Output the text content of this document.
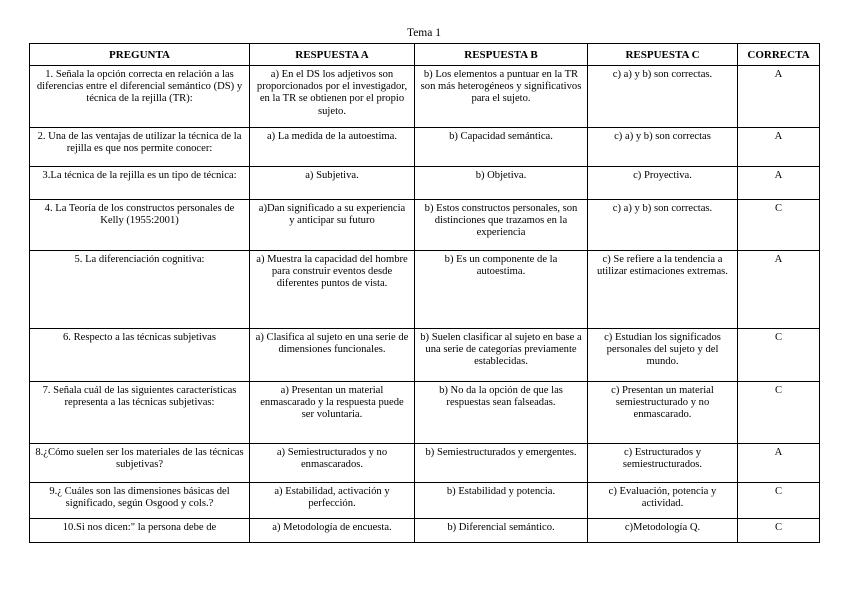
Tema 1
PREGUNTA	RESPUESTA A	RESPUESTA B	RESPUESTA C	CORRECTA
1. Señala la opción correcta en relación a las diferencias entre el diferencial semántico (DS) y técnica de la rejilla (TR):	a) En el DS los adjetivos son proporcionados por el investigador, en la TR se obtienen por el propio sujeto.	b) Los elementos a puntuar en la TR son más heterogéneos y significativos para el sujeto.	c) a) y b) son correctas.	A
2. Una de las ventajas de utilizar la técnica de la rejilla es que nos permite conocer:	a) La medida de la autoestima.	b) Capacidad semántica.	c) a) y b) son correctas	A
3.La técnica de la rejilla es un tipo de técnica:	a) Subjetiva.	b) Objetiva.	c) Proyectiva.	A
4. La Teoría de los constructos personales de Kelly (1955:2001)	a)Dan significado a su experiencia y anticipar su futuro	b) Estos constructos personales, son distinciones que trazamos en la experiencia	c) a) y b) son correctas.	C
5. La diferenciación cognitiva:	a) Muestra la capacidad del hombre para construir eventos desde diferentes puntos de vista.	b) Es un componente de la autoestima.	c) Se refiere a la tendencia a utilizar estimaciones extremas.	A
6. Respecto a las técnicas subjetivas	a) Clasifica al sujeto en una serie de dimensiones funcionales.	b) Suelen clasificar al sujeto en base a una serie de categorías previamente establecidas.	c) Estudian los significados personales del sujeto y del mundo.	C
7. Señala cuál de las siguientes características representa a las técnicas subjetivas:	a) Presentan un material enmascarado y la respuesta puede ser voluntaria.	b) No da la opción de que las respuestas sean falseadas.	c) Presentan un material semiestructurado y no enmascarado.	C
8.¿Cómo suelen ser los materiales de las técnicas subjetivas?	a) Semiestructurados y no enmascarados.	b) Semiestructurados y emergentes.	c) Estructurados y semiestructurados.	A
9.¿ Cuáles son las dimensiones básicas del significado, según Osgood y cols.?	a) Estabilidad, activación y perfección.	b) Estabilidad y potencia.	c) Evaluación, potencia y actividad.	C
10.Si nos dicen:" la persona debe de	a) Metodología de encuesta.	b) Diferencial semántico.	c)Metodología Q.	C
